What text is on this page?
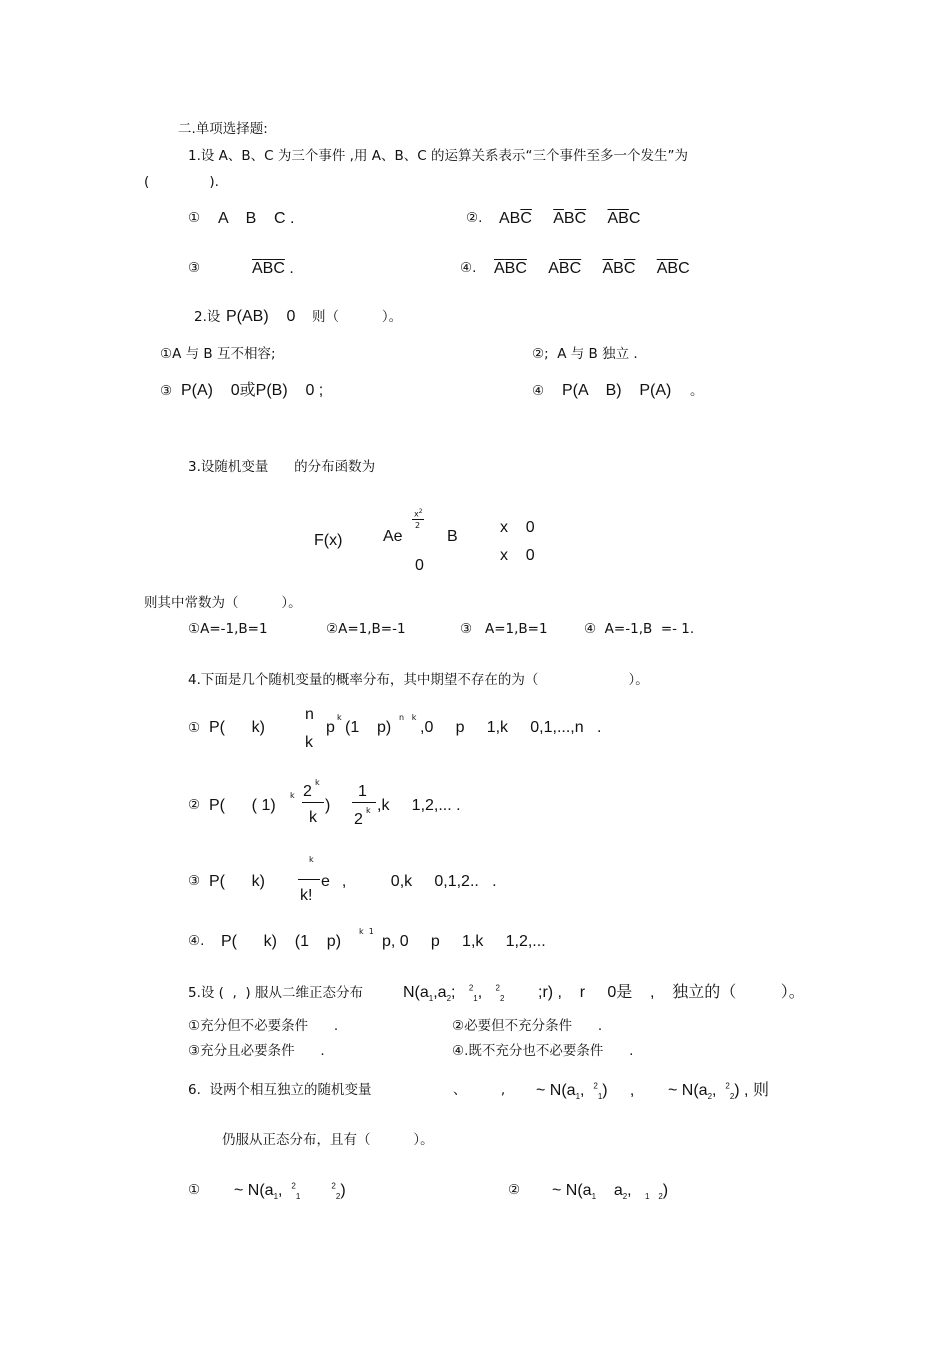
二.单项选择题:
1.设 A、B、C 为三个事件 ,用 A、B、C 的运算关系表示“三个事件至多一个发生”为
(              ).
① A    B    C .	②. $AB\overline{C}$ $\overline{A}B\overline{C}$ $\overline{A}\overline{B}C$
③	$\overline{A}\overline{B}\overline{C}$ .	④. $\overline{A}\overline{B}\overline{C}$ $A\overline{B}\overline{C}$ $\overline{A}B\overline{C}$ $\overline{A}\overline{B}C$
2.设 P(AB)    0 则（          ）。
①A 与 B 互不相容;	②;  A 与 B 独立 .
③ P(A)    0或P(B)    0 ;	④ P(A    B)    P(A) 。
3.设随机变量      的分布函数为
F(x)	Ae
$x^2$
2
B
0
x    0
x    0
则其中常数为（          ）。
①A=-1,B=1	②A=1,B=-1	③   A=1,B=1	④  A=-1,B  =- 1.
4.下面是几个随机变量的概率分布，其中期望不存在的为（                     ）。
① P(      k)
n
k
p
k
(1    p)
n   k
,0     p     1,k     0,1,...,n   .
② P(      ( 1)
k 2
k
k
)
1
2
k ,k     1,2,... .
③ P(      k)
k
k!
e ,          0,k     0,1,2..   .
④. P(      k)    (1    p)
k  1
p, 0     p     1,k     1,2,...
5.设 (  ,  ) 服从二维正态分布	$N(a_1,a_2$; $^2_1$, $^2_2$ ;r) ,    r     0是    ,    独立的（          ）。
①充分但不必要条件      .	②必要但不充分条件      .
③充分且必要条件      .	④.既不充分也不必要条件      .
6.  设两个相互独立的随机变量                   、        , ~ $N(a_1$, $^2_1$)     , ~ $N(a_2$, $^2_2$) , 则
仍服从正态分布，且有（          ）。
① ~ $N(a_1$, $^2_1$       $^2_2$)	② ~ $N(a_1$ $a_2$, $_1$ $_2$)
